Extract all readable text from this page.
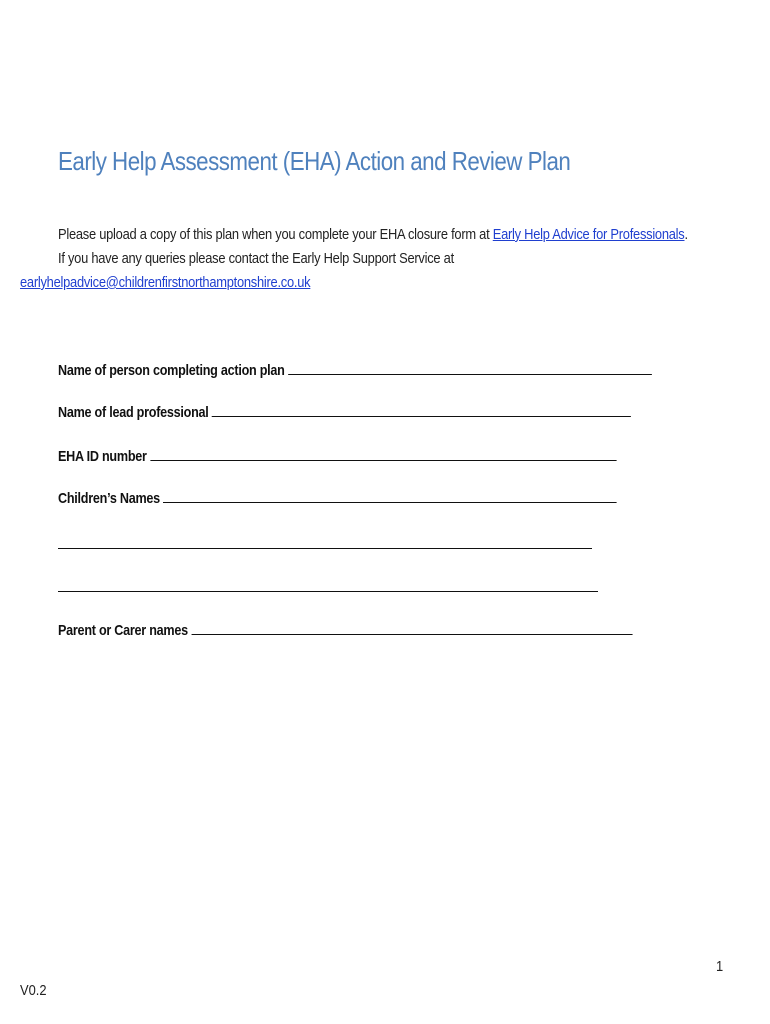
Early Help Assessment (EHA) Action and Review Plan
Please upload a copy of this plan when you complete your EHA closure form at Early Help Advice for Professionals.
If you have any queries please contact the Early Help Support Service at
earlyhelpadvice@childrenfirstnorthamptonshire.co.uk
Name of person completing action plan
Name of lead professional
EHA ID number
Children’s Names
Parent or Carer names
1
V0.2
